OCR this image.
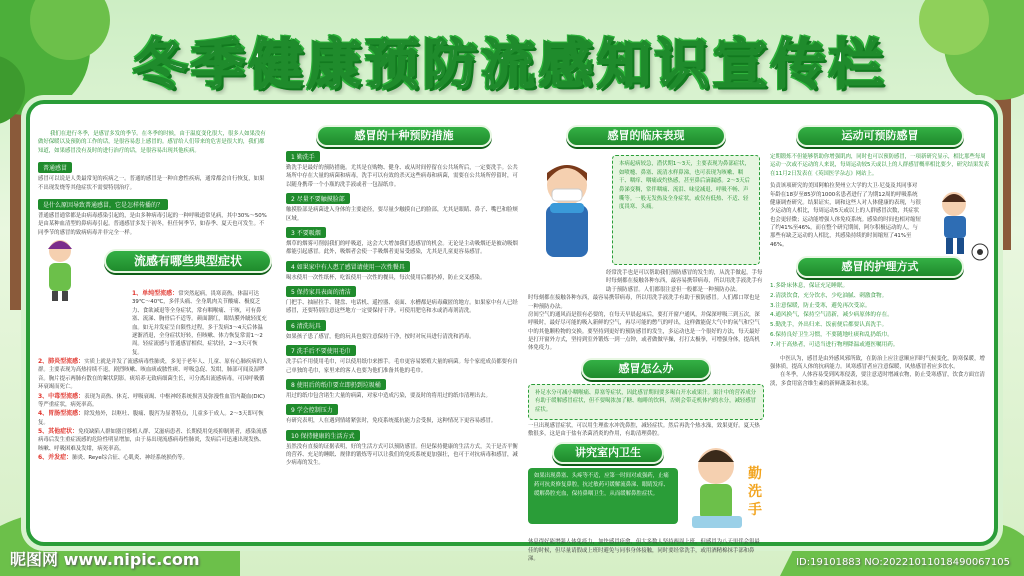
冬季健康预防流感知识宣传栏

我们在进行冬季，是感冒多发的季节。在冬季的时候，由于温度变化很大，很多人如果没有做好保暖以及预防的工作的话，是很容易患上感冒的。感冒给人们带来的危害是很大的，我们都知道，如果感冒没有及时的进行治疗的话，是很容易出现其他疾病。

普通感冒

感冒可以说是人类最常见的疾病之一。普通的感冒是一种自愈性疾病，通常都会自行恢复，如果不出现发烧等其他症状不需要特别治疗。

是什么原因导致普通感冒，它是怎样传播的？

普通感冒通常都是由病毒感染引起的，是由多种病毒引起的一种呼吸道常见病，其中30%～50%是由某种血清型的鼻病毒引起。普通感冒多发于初冬，但任何季节，如春季、夏天也可发生。不同季节的感冒的致病病毒并非完全一样。

流感有哪些典型症状

1、单纯型流感：常突然起病，畏寒高热，体温可达39℃～40℃，多伴头痛、全身肌肉关节酸痛、极度乏力、食欲减退等全身症状，常有咽喉痛、干咳，可有鼻塞、流涕、胸骨后不适等。颜面潮红，眼结膜外眦轻度充血。如无并发症呈自限性过程，多于发病3～4天后体温逐渐消退，全身症状好转，但咳嗽、体力恢复常需1～2周。轻症流感与普通感冒相似，症状轻，2～3天可恢复。

2、肺炎型流感：实质上就是并发了流感病毒性肺炎，多见于老年人、儿童、原有心肺疾病的人群。主要表现为高热持续不退，剧烈咳嗽、咳血痰或脓性痰、呼吸急促、发绀，肺部可闻及湿啰音。胸片提示两肺有散在的絮状阴影。痰培养无致病细菌生长，可分离出流感病毒。可因呼吸循环衰竭而死亡。

3、中毒型流感：表现为高热、休克、呼吸衰竭、中枢神经系统损害及弥漫性血管内凝血(DIC)等严重症状，病死率高。

4、胃肠型流感：除发热外，以呕吐、腹痛、腹泻为显著特点，儿童多于成人。2～3天即可恢复。

5、其他症状：免疫缺陷人群如器官移植人群、艾滋病患者、长期使用免疫抑制剂者，感染流感病毒后发生重症流感的危险性明显增加，由于易出现流感病毒性肺炎，发病后可迅速出现发热、咳嗽、呼吸困难及发绀，病死率高。

6、并发症：肺炎、Reye综合征、心肌炎、神经系统损伤等。

感冒的十种预防措施
1 勤洗手

勤洗手是最好的预防措施。尤其是在购物、健身、或从时间停留在公共场所后，一定要洗手。公共场所中存在大量的病菌和病毒，洗手可以有效的杀灭这些病毒和病菌，需要在公共场所停留时，可以随身携带一个小瓶的洗手液或者一包湿纸巾。

2 尽量不要触摸脸部

触摸脸部是病菌进入身体的主要途径，要尽量少触摸自己的脸部，尤其是眼睛、鼻子、嘴巴和脸颊区域。

3 不要吸烟

烟草的烟雾可削弱我们的呼吸道，这会大大增加我们患感冒的机会。无论是主动吸烟还是被动吸烟都能引起感冒。此外，吸烟者会使一手吸烟者更易受感染，尤其是儿童更容易感冒。

4 如果家中有人患了感冒请使用一次性餐具

喝水使用一次性纸杯，吃饭使用一次性的餐具，每次使用后都扔掉，防止交叉感染。

5 保持家具表面的清洁

门把手、抽屉拉手、键盘、电话机、遥控器、桌面、水槽都是病毒藏匿的地方。如果家中有人已经感冒，还要特别注意这些地方一定要保持干净。可使用肥皂和水或消毒剂清洗。

6 清洗玩具

如果孩子患了感冒，他的玩具也要注意保持干净，按时对玩具进行清洗和消毒。

7 洗手后不要使用毛巾

洗手后不用使用毛巾，可以使用纸巾来擦手。毛巾更容易繁殖大量的病菌。每个家庭成员都要有自己单独的毛巾，家里来的客人也要为他们准备其他的毛巾。

8 使用后的纸巾要立即扔到垃圾桶

用过的纸巾包含诸生大量的病菌，对家中造成污染，要及时的将用过的纸巾清理出去。

9 学会控制压力

有研究表明，人在遇到情绪紧张时，免疫系统抵抗能力会受损，这种情况下更容易感冒。

10 保持健康的生活方式

虽然没有直接的证据表明，好的生活方式可以预防感冒。但是保持健康的生活方式，关于是否平衡的营养、充足的睡眠、规律的锻炼等可以让我们的免疫系统更加强壮，也可于对抗病毒和感冒，减少病毒的发生。

感冒的临床表现
本病起病较急，潜伏期1～3天，主要表现为鼻部症状，如喷嚏、鼻塞、流清水样鼻涕，也可表现为咳嗽、咽干、咽痒、咽痛或灼热感，甚至鼻后滴漏感。2～3天后鼻涕变稠，常伴咽痛、流泪、味觉减退、呼吸不畅、声嘶等。一般无发热及全身症状，或仅有低热、不适、轻度畏寒、头痛。

经常洗手也是可以帮助我们预防感冒的发生的，从洗手做起，手每时每刻都在接触各种东西，最容易携带病毒，所以用洗手液洗手有助于预防感冒。人们都很注意但一般都是一种预防办法。

时每刻都在接触各种东西，最容易携带病毒，所以用洗手液洗手有助于预防感冒。人们都口罩也是一种预防办法。

房间空气的通风而是很有必要的，在每天早晨起床后，要打开窗户通风，并保深呼吸三到五次，深呼吸时，最好尽可能的吸入新鲜的空气，再尽可能的憋气的呼出，这样做能促大气中的氧气和空气中的其他颗粒物的交换。要坚持到更好的预防感冒的发生，多运动也是一个很好的方法，每天最好是打开窗外方式，坚持到室外锻炼一到一点钟，或者做做早操，打打太极拳，可增强身体，提高机体免疫力。

感冒怎么办
补足水分可减小咽喉痛、鼻塞等症状，因此感冒期间要多喝白开水或果汁。果汁中的营养成分有助于缓解感冒症状，但不要喝浓加了糖、咖啡的饮料，否则会带走机体内的水分，减轻感冒症状。

一旦出现感冒症状，可以用生理盐水冲洗鼻腔，减轻症状。然后再洗个热水澡，效果更好。夏天热敷很多，这是由于盐有杀菌消炎的作用，有助清理鼻腔。

讲究室内卫生
如果出现鼻塞、头疼等不适，应第一时间对或强药，止痛药可抗炎修复鼻腔，抗过敏药可缓解流鼻涕、眼睛发痒、缓解鼻腔充血，保持鼻咽卫生，从而缓解鼻腔症状。
勤
洗
手

休息得好能增强人体免疫力，加快感冒痊愈，但大多数人坚持两周上班，但感冒为八天里伴会很最佳的时候，但尽量请假或上班时避免与同事身体接触，同时要经常洗手，或用酒精棉抹手部和鼻涕。

运动可预防感冒

定期锻炼不但能够帮助你增强肌肉，同时也可以预防感冒，一项新研究显示，相比那些每周运动一次或不运动的人来说，每周运动较5天或以上的人群感冒概率相比要少，研究结果发表在11月2日发表在《英国医学杂志》网站上。

负责该项研究的美国阿帕拉契州立大学的大卫·尼曼及其同事对年龄在18岁至85岁的1000名患者进行了为期12周的呼吸系统健康调查研究。结果证实，调和这些人对人体健康的表现，与很少运动的人相比，每周运动5天或以上的人群感冒次数，其症状也会更轻微；运动能增强人体免疫系统。感染的时间也相对缩短了约41%至46%，而在整个研究期间，阿尔积极运动的人，与那些有缺乏运动的人相比，其感染持续的时间缩短了41%至46%。

感冒的护理方式

1.多卧床休息，保证充足睡眠。

2.清淡饮食，充分饮水，少吃油腻、刺激食物。

3.注意保暖，防止受寒，避免再次受凉。

4.通风换气，保持空气清新，减少病原体的存在。

5.勤洗手，外出归来、饭前便后都要认真洗手。

6.保持良好卫生习惯，不要随地吐痰和乱扔纸巾。

7.对于高热者，可适当进行物理降温或遵医嘱用药。

中医认为，感冒是由外感风邪所致，在防治上应注意顺应四时气候变化，防寒保暖，增强体质，提高人体的抗病能力。风寒感冒者应注意保暖，风热感冒者应多饮水。

在冬季，人体容易受到风寒侵袭，要注意适时增减衣物，防止受寒感冒，饮食方面宜清淡，多食用富含维生素的新鲜蔬菜和水果。

昵图网 www.nipic.com	ID:19101883 NO:20221011018490067105
